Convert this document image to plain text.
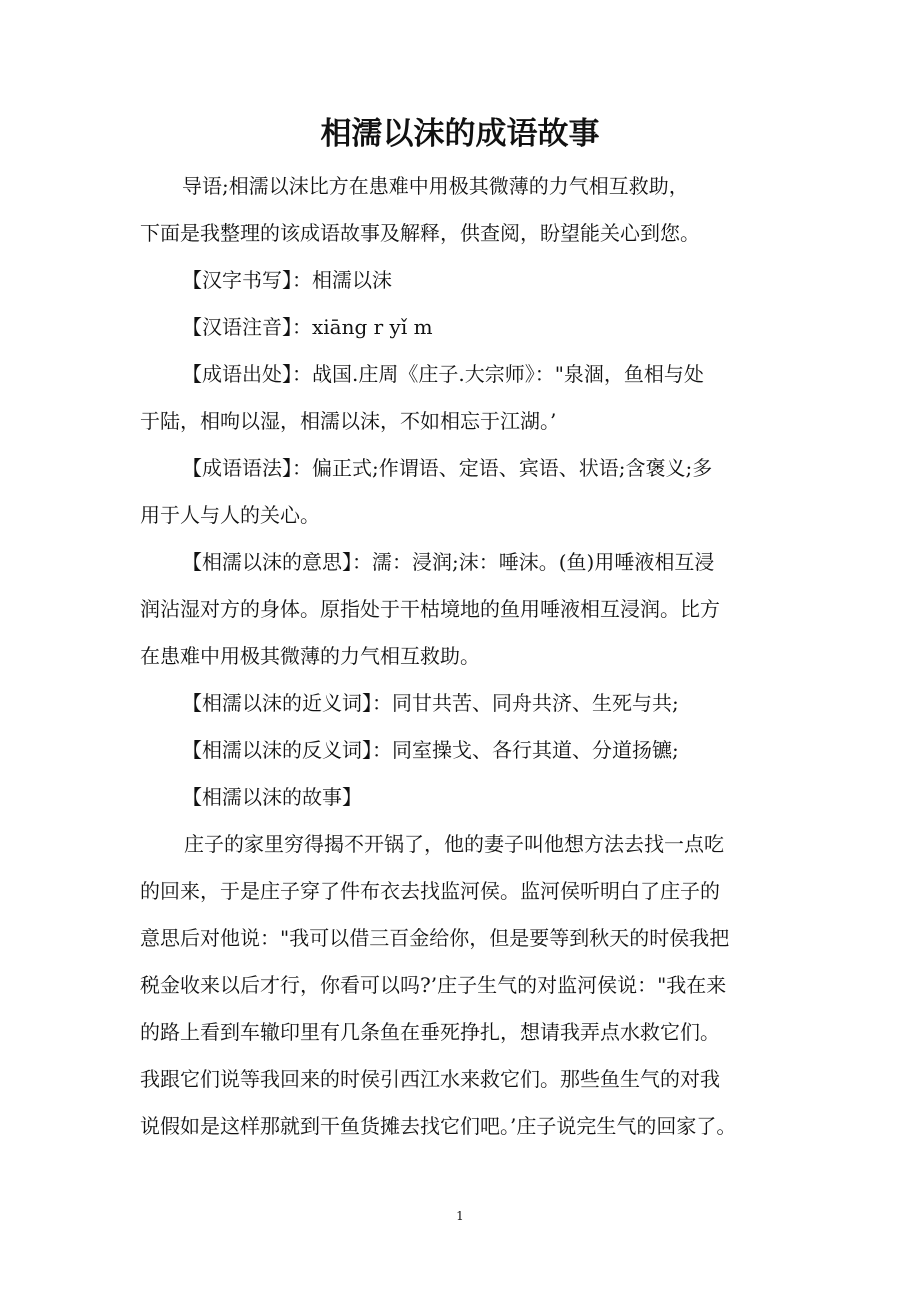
相濡以沫的成语故事

导语;相濡以沫比方在患难中用极其微薄的力气相互救助，
下面是我整理的该成语故事及解释，供查阅，盼望能关心到您。

【汉字书写】：相濡以沫

【汉语注音】：xiāng r yǐ m

【成语出处】：战国.庄周《庄子.大宗师》："泉涸，鱼相与处
于陆，相呴以湿，相濡以沫，不如相忘于江湖。’

【成语语法】：偏正式;作谓语、定语、宾语、状语;含褒义;多
用于人与人的关心。

【相濡以沫的意思】：濡：浸润;沫：唾沫。(鱼)用唾液相互浸
润沾湿对方的身体。原指处于干枯境地的鱼用唾液相互浸润。比方
在患难中用极其微薄的力气相互救助。

【相濡以沫的近义词】：同甘共苦、同舟共济、生死与共;

【相濡以沫的反义词】：同室操戈、各行其道、分道扬镳;

【相濡以沫的故事】

庄子的家里穷得揭不开锅了，他的妻子叫他想方法去找一点吃
的回来，于是庄子穿了件布衣去找监河侯。监河侯听明白了庄子的
意思后对他说："我可以借三百金给你，但是要等到秋天的时侯我把
税金收来以后才行，你看可以吗?’庄子生气的对监河侯说："我在来
的路上看到车辙印里有几条鱼在垂死挣扎，想请我弄点水救它们。
我跟它们说等我回来的时侯引西江水来救它们。那些鱼生气的对我
说假如是这样那就到干鱼货摊去找它们吧。’庄子说完生气的回家了。

1
